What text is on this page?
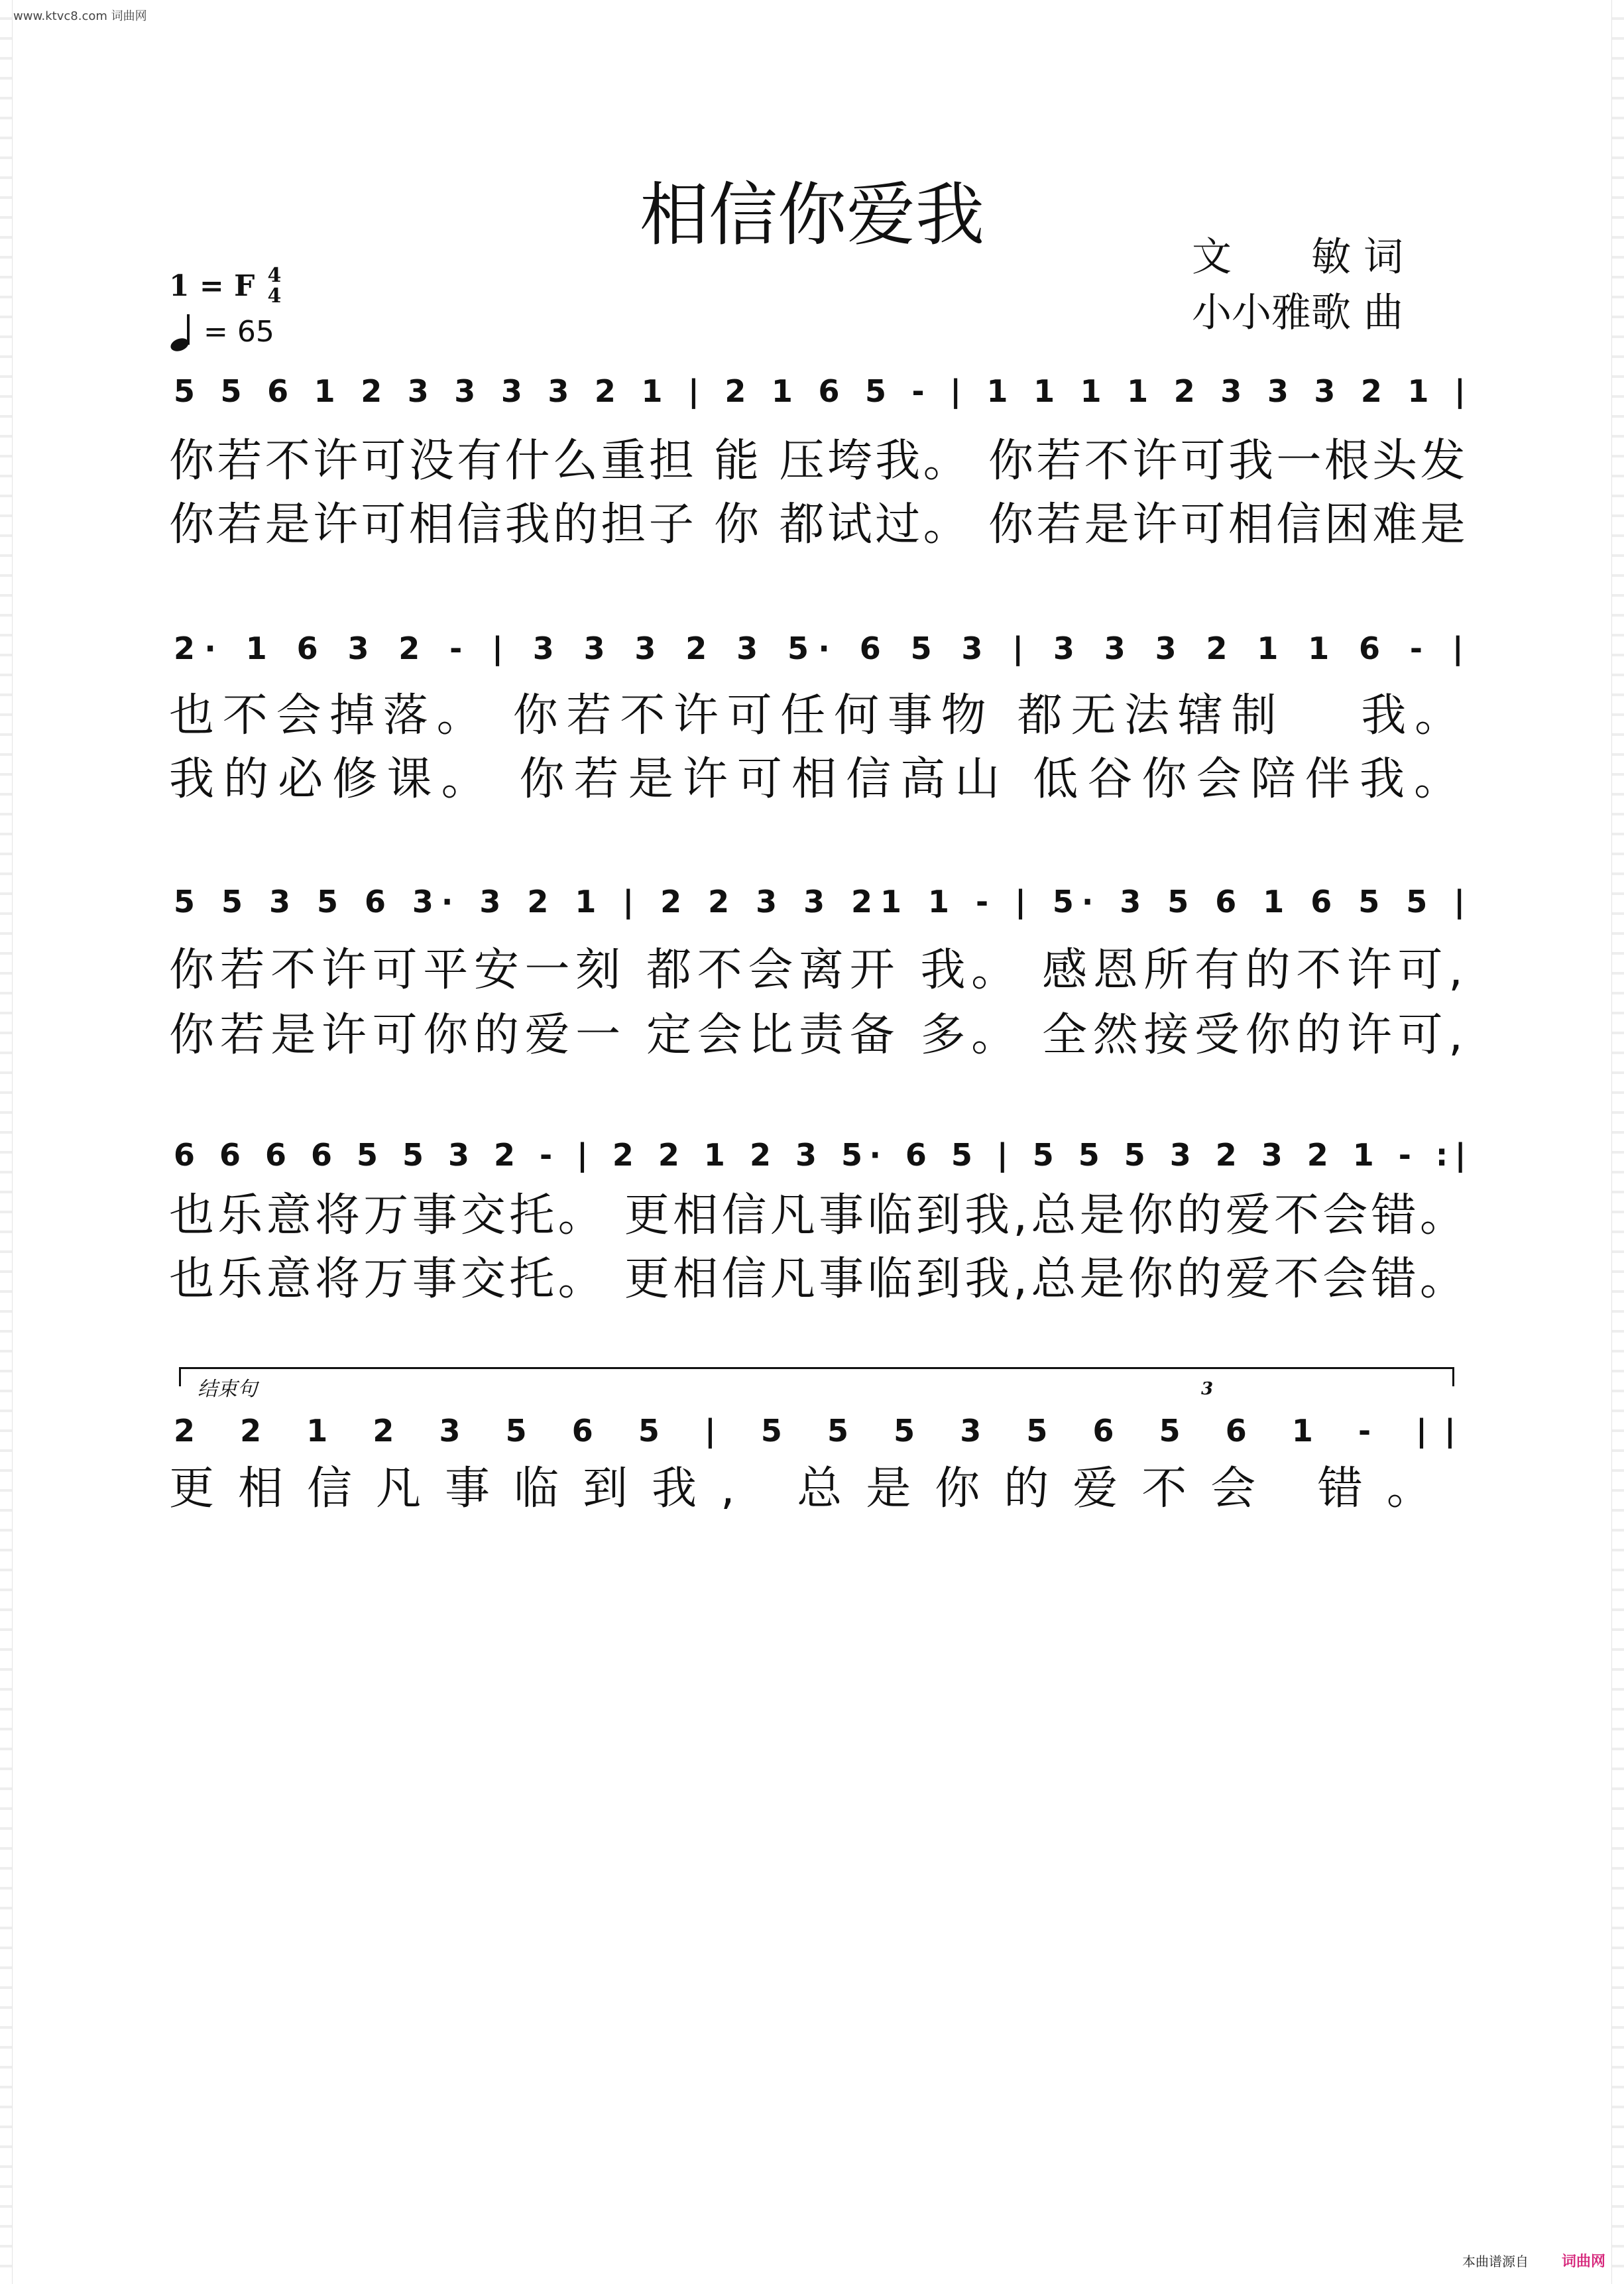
www.ktvc8.com 词曲网
相信你爱我
文　　敏 词
小小雅歌 曲
1 = F 4
4
= 65
5 5 6 1 2 3 3 3 3 2 1 | 2 1 6 5 - | 1 1 1 1 2 3 3 3 2 1 |
你若不许可没有什么重担 能 压垮我。 你若不许可我一根头发
你若是许可相信我的担子 你 都试过。 你若是许可相信困难是
2· 1 6 3 2 - | 3 3 3 2 3 5· 6 5 3 | 3 3 3 2 1 1 6 - |
也不会掉落。 你若不许可任何事物 都无法辖制　 我。
我的必修课。 你若是许可相信高山 低谷你会陪伴我。
5 5 3 5 6 3· 3 2 1 | 2 2 3 3 21 1 - | 5· 3 5 6 1 6 5 5 |
你若不许可平安一刻 都不会离开 我。 感恩所有的不许可,
你若是许可你的爱一 定会比责备 多。 全然接受你的许可,
6 6 6 6 5 5 3 2 - | 2 2 1 2 3 5· 6 5 | 5 5 5 3 2 3 2 1 - :|
也乐意将万事交托。 更相信凡事临到我,总是你的爱不会错。
也乐意将万事交托。 更相信凡事临到我,总是你的爱不会错。
结束句	3
2 2 1 2 3 5 6 5 | 5 5 5 3 5 6 5 6 1 - ||
更相信凡事临到我, 总是你的爱不会 错。
本曲谱源自 词曲网
